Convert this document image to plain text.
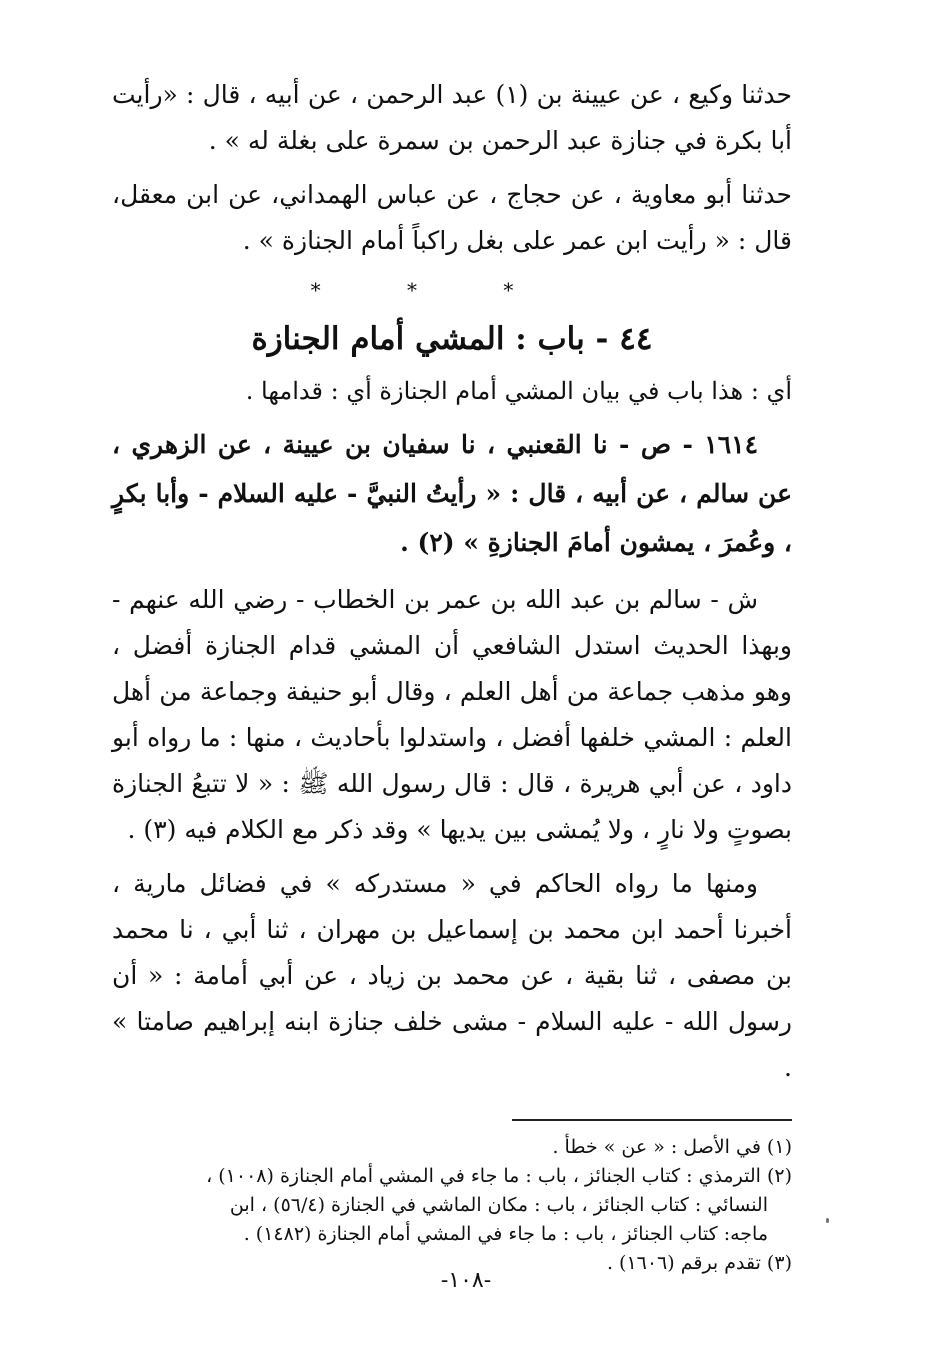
حدثنا وكيع ، عن عيينة بن (١) عبد الرحمن ، عن أبيه ، قال : «رأيت أبا بكرة في جنازة عبد الرحمن بن سمرة على بغلة له » .

حدثنا أبو معاوية ، عن حجاج ، عن عباس الهمداني، عن ابن معقل، قال : « رأيت ابن عمر على بغل راكباً أمام الجنازة » .

* * *
٤٤ - باب : المشي أمام الجنازة

أي : هذا باب في بيان المشي أمام الجنازة أي : قدامها .

١٦١٤ - ص - نا القعنبي ، نا سفيان بن عيينة ، عن الزهري ، عن سالم ، عن أبيه ، قال : « رأيتُ النبيَّ - عليه السلام - وأبا بكرٍ ، وعُمرَ ، يمشون أمامَ الجنازةِ » (٢) .

ش - سالم بن عبد الله بن عمر بن الخطاب - رضي الله عنهم - وبهذا الحديث استدل الشافعي أن المشي قدام الجنازة أفضل ، وهو مذهب جماعة من أهل العلم ، وقال أبو حنيفة وجماعة من أهل العلم : المشي خلفها أفضل ، واستدلوا بأحاديث ، منها : ما رواه أبو داود ، عن أبي هريرة ، قال : قال رسول الله ﷺ : « لا تتبعُ الجنازة بصوتٍ ولا نارٍ ، ولا يُمشى بين يديها » وقد ذكر مع الكلام فيه (٣) .

ومنها ما رواه الحاكم في « مستدركه » في فضائل مارية ، أخبرنا أحمد ابن محمد بن إسماعيل بن مهران ، ثنا أبي ، نا محمد بن مصفى ، ثنا بقية ، عن محمد بن زياد ، عن أبي أمامة : « أن رسول الله - عليه السلام - مشى خلف جنازة ابنه إبراهيم صامتا » .

(١) في الأصل : « عن » خطأ .

(٢) الترمذي : كتاب الجنائز ، باب : ما جاء في المشي أمام الجنازة (١٠٠٨) ،

النسائي : كتاب الجنائز ، باب : مكان الماشي في الجنازة (٥٦/٤) ، ابن

ماجه: كتاب الجنائز ، باب : ما جاء في المشي أمام الجنازة (١٤٨٢) .

(٣) تقدم برقم (١٦٠٦) .

-١٠٨-
